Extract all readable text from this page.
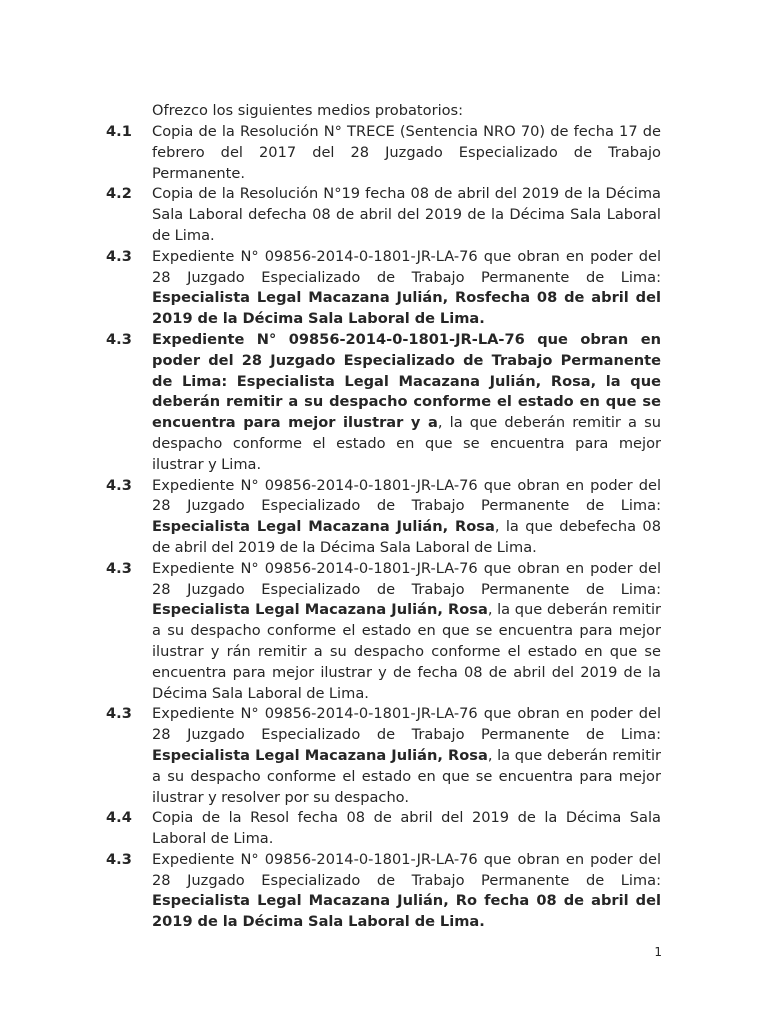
Ofrezco los siguientes medios probatorios:
4.1	Copia de la Resolución N° TRECE (Sentencia NRO 70) de fecha 17 de febrero del 2017 del 28 Juzgado Especializado de Trabajo Permanente.
4.2	Copia de la Resolución N°19 fecha 08 de abril del 2019 de la Décima Sala Laboral defecha 08 de abril del 2019 de la Décima Sala Laboral de Lima.
4.3	Expediente N° 09856-2014-0-1801-JR-LA-76 que obran en poder del 28 Juzgado Especializado de Trabajo Permanente de Lima: Especialista Legal Macazana Julián, Rosfecha 08 de abril del 2019 de la Décima Sala Laboral de Lima.
4.3	Expediente N° 09856-2014-0-1801-JR-LA-76 que obran en poder del 28 Juzgado Especializado de Trabajo Permanente de Lima: Especialista Legal Macazana Julián, Rosa, la que deberán remitir a su despacho conforme el estado en que se encuentra para mejor ilustrar y a, la que deberán remitir a su despacho conforme el estado en que se encuentra para mejor ilustrar y Lima.
4.3	Expediente N° 09856-2014-0-1801-JR-LA-76 que obran en poder del 28 Juzgado Especializado de Trabajo Permanente de Lima: Especialista Legal Macazana Julián, Rosa, la que debefecha 08 de abril del 2019 de la Décima Sala Laboral de Lima.
4.3	Expediente N° 09856-2014-0-1801-JR-LA-76 que obran en poder del 28 Juzgado Especializado de Trabajo Permanente de Lima: Especialista Legal Macazana Julián, Rosa, la que deberán remitir a su despacho conforme el estado en que se encuentra para mejor ilustrar y rán remitir a su despacho conforme el estado en que se encuentra para mejor ilustrar y de fecha 08 de abril del 2019 de la Décima Sala Laboral de Lima.
4.3	Expediente N° 09856-2014-0-1801-JR-LA-76 que obran en poder del 28 Juzgado Especializado de Trabajo Permanente de Lima: Especialista Legal Macazana Julián, Rosa, la que deberán remitir a su despacho conforme el estado en que se encuentra para mejor ilustrar y resolver por su despacho.
4.4	Copia de la Resol fecha 08 de abril del 2019 de la Décima Sala Laboral de Lima.
4.3	Expediente N° 09856-2014-0-1801-JR-LA-76 que obran en poder del 28 Juzgado Especializado de Trabajo Permanente de Lima: Especialista Legal Macazana Julián, Ro fecha 08 de abril del 2019 de la Décima Sala Laboral de Lima.
1
